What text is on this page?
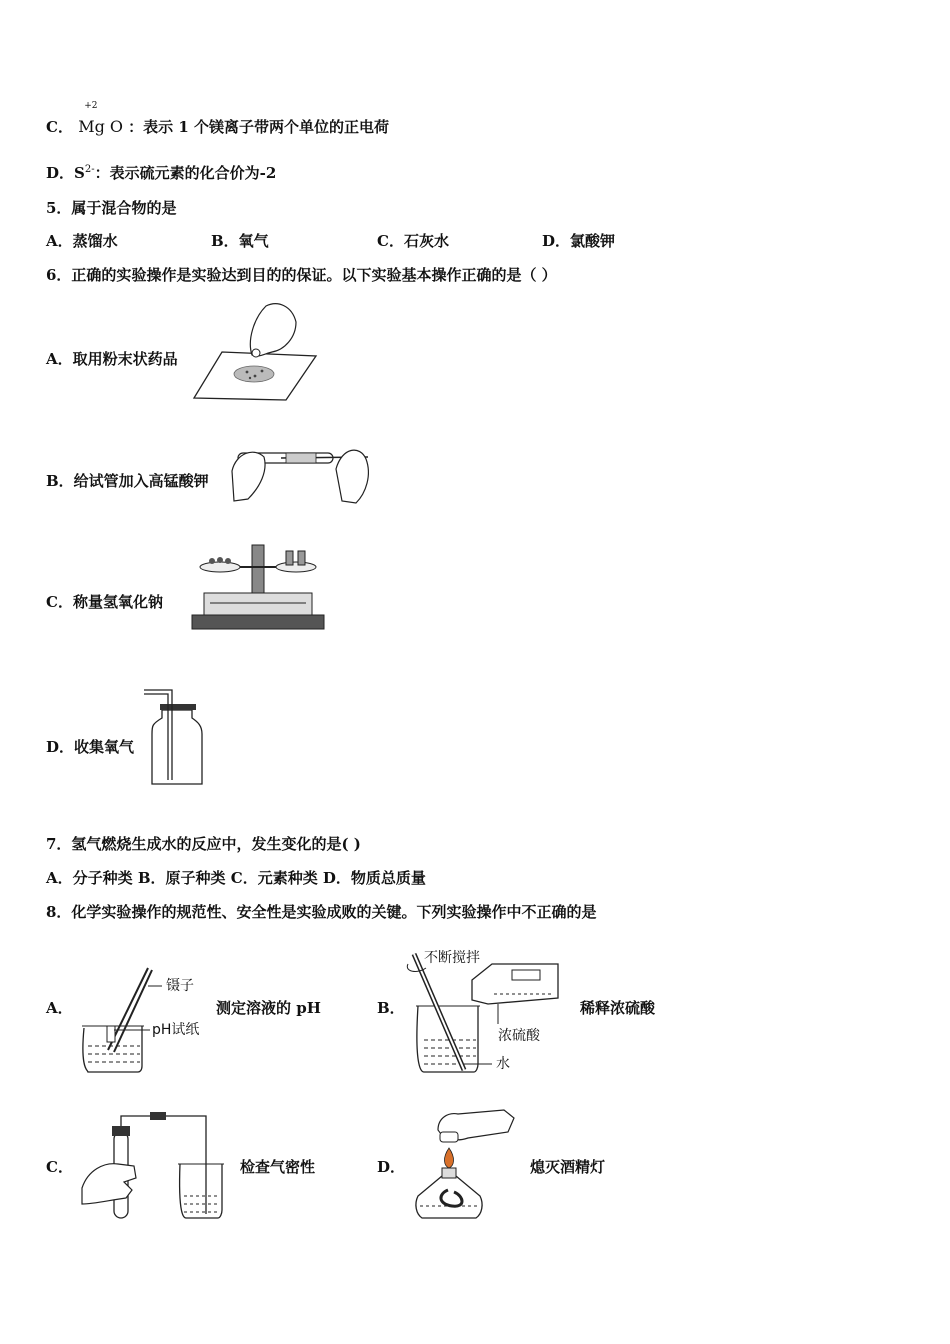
C．
+2
Mg O ：表示 1 个镁离子带两个单位的正电荷
D．$S^{2-}$：表示硫元素的化合价为-2
5．属于混合物的是
A．蒸馏水	B．氧气	C．石灰水	D．氯酸钾
6．正确的实验操作是实验达到目的的保证。以下实验基本操作正确的是（ ）
A．取用粉末状药品
B．给试管加入高锰酸钾
C．称量氢氧化钠
D．收集氧气
7．氢气燃烧生成水的反应中，发生变化的是( )
A．分子种类 B．原子种类 C．元素种类 D．物质总质量
8．化学实验操作的规范性、安全性是实验成败的关键。下列实验操作中不正确的是
A．
镊子
pH试纸
测定溶液的 pH	B．
不断搅拌
浓硫酸
水
稀释浓硫酸
C．	检查气密性	D．	熄灭酒精灯
